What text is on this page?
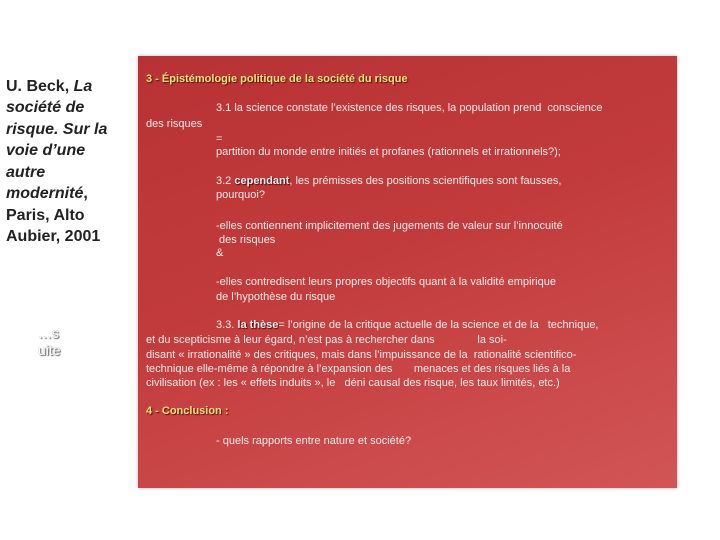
U. Beck, La société de risque. Sur la voie d’une autre modernité, Paris, Alto Aubier, 2001
…s uite
3 - Épistémologie politique de la société du risque
3.1 la science constate l’existence des risques, la population prend  conscience
des risques
=
partition du monde entre initiés et profanes (rationnels et irrationnels?);
3.2 cependant, les prémisses des positions scientifiques sont fausses,
pourquoi?
-elles contiennent implicitement des jugements de valeur sur l’innocuité
des risques
&
-elles contredisent leurs propres objectifs quant à la validité empirique
de l’hypothèse du risque
3.3. la thèse= l’origine de la critique actuelle de la science et de la   technique,
et du scepticisme à leur égard, n’est pas à rechercher dans              la soi-
disant « irrationalité » des critiques, mais dans l’impuissance de la  rationalité scientifico-
technique elle-même à répondre à l’expansion des       menaces et des risques liés à la
civilisation (ex : les « effets induits », le   déni causal des risque, les taux limités, etc.)
4 - Conclusion :
- quels rapports entre nature et société?
